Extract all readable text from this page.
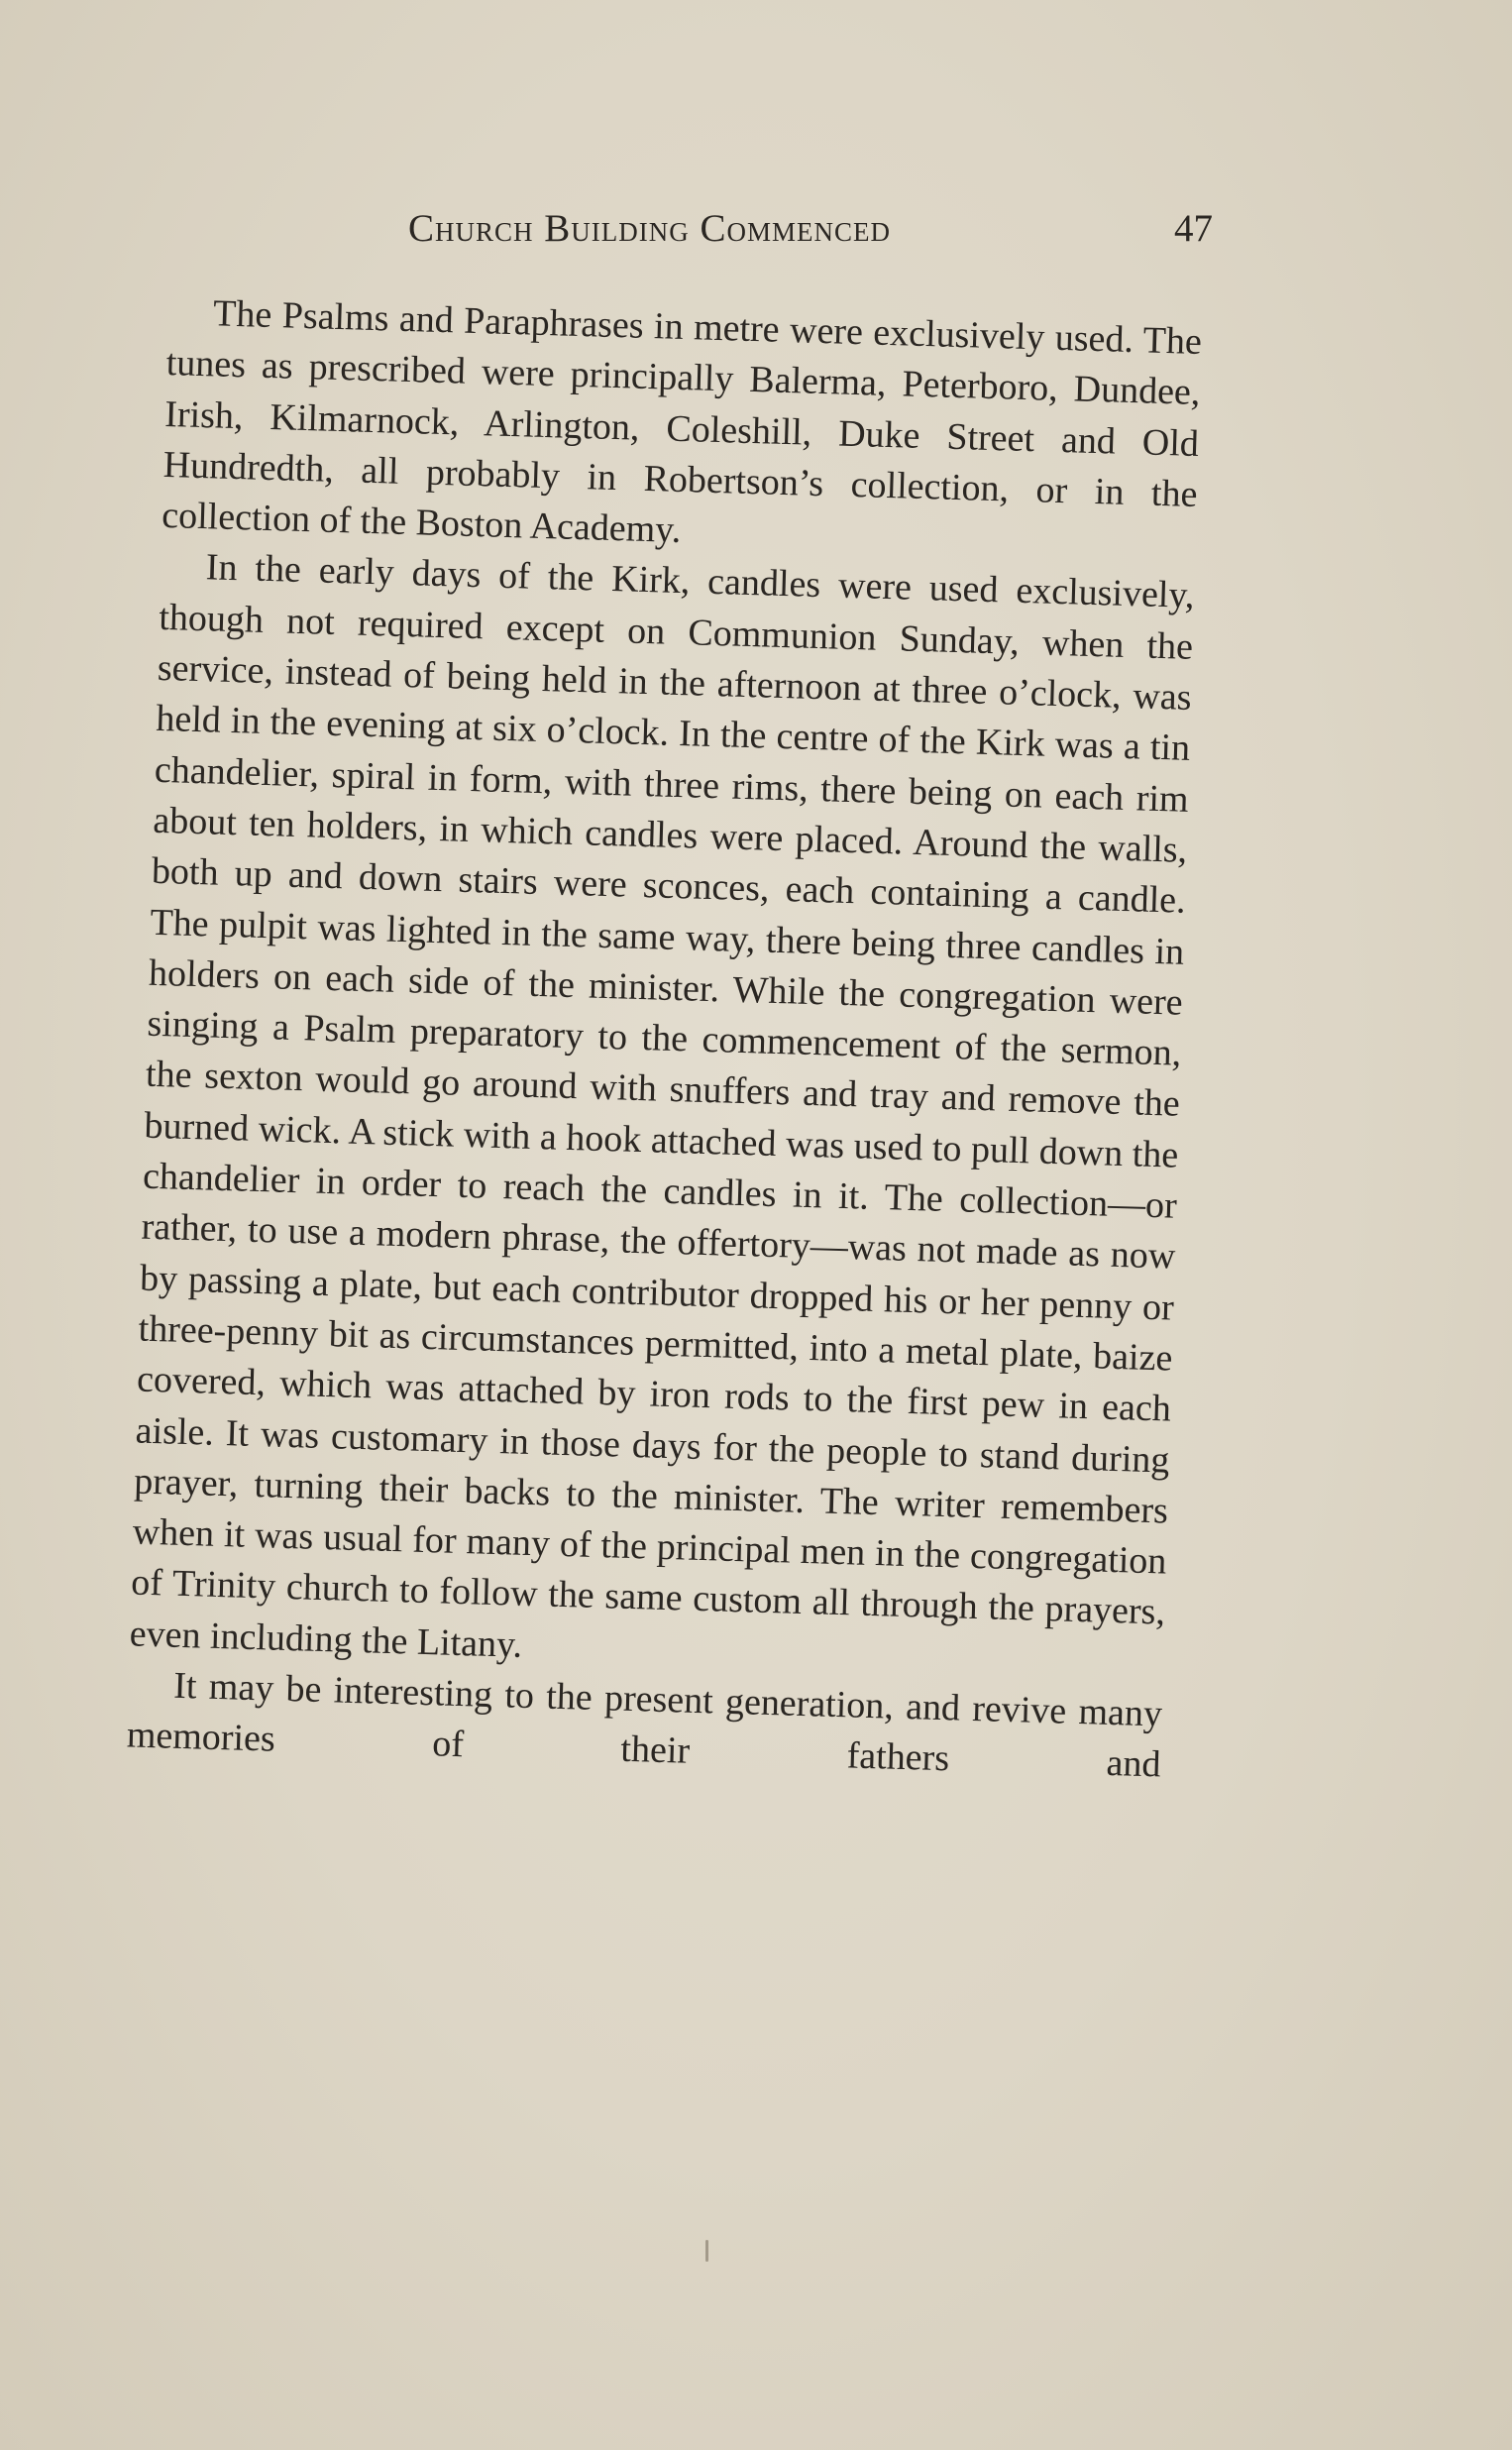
Church Building Commenced	47

The Psalms and Paraphrases in metre were exclusively used. The tunes as prescribed were principally Balerma, Peterboro, Dundee, Irish, Kilmarnock, Arlington, Coleshill, Duke Street and Old Hundredth, all probably in Robertson’s collection, or in the collection of the Boston Academy.

In the early days of the Kirk, candles were used exclusively, though not required except on Communion Sunday, when the service, instead of being held in the afternoon at three o’clock, was held in the evening at six o’clock. In the centre of the Kirk was a tin chandelier, spiral in form, with three rims, there being on each rim about ten holders, in which candles were placed. Around the walls, both up and down stairs were sconces, each containing a candle. The pulpit was lighted in the same way, there being three candles in holders on each side of the minister. While the congregation were singing a Psalm preparatory to the commencement of the sermon, the sexton would go around with snuffers and tray and remove the burned wick. A stick with a hook attached was used to pull down the chandelier in order to reach the candles in it. The collection—or rather, to use a modern phrase, the offertory—was not made as now by passing a plate, but each contributor dropped his or her penny or three-penny bit as circumstances permitted, into a metal plate, baize covered, which was attached by iron rods to the first pew in each aisle. It was customary in those days for the people to stand during prayer, turning their backs to the minister. The writer remembers when it was usual for many of the principal men in the congregation of Trinity church to follow the same custom all through the prayers, even including the Litany.

It may be interesting to the present generation, and revive many memories of their fathers and
